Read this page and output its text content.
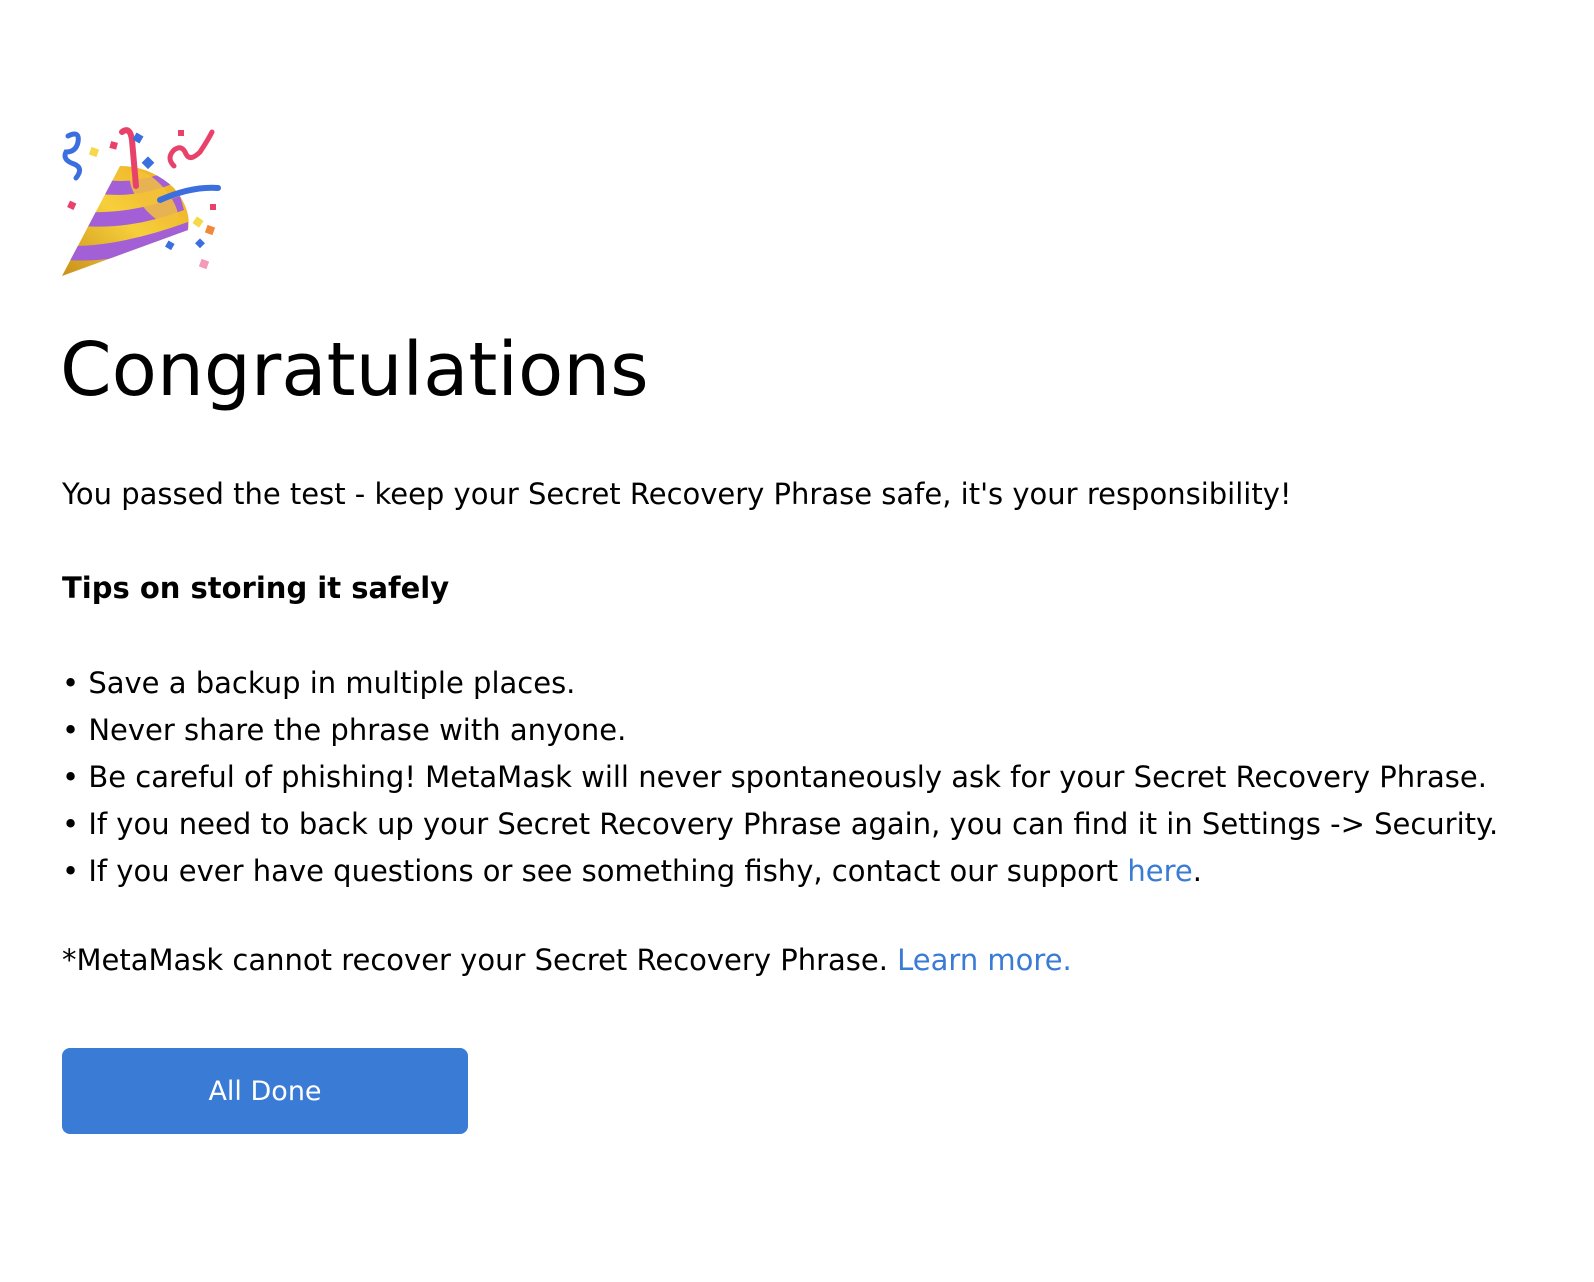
Congratulations

You passed the test - keep your Secret Recovery Phrase safe, it's your responsibility!

Tips on storing it safely

• Save a backup in multiple places.
• Never share the phrase with anyone.
• Be careful of phishing! MetaMask will never spontaneously ask for your Secret Recovery Phrase.
• If you need to back up your Secret Recovery Phrase again, you can find it in Settings -> Security.
• If you ever have questions or see something fishy, contact our support here.

*MetaMask cannot recover your Secret Recovery Phrase. Learn more.

All Done
